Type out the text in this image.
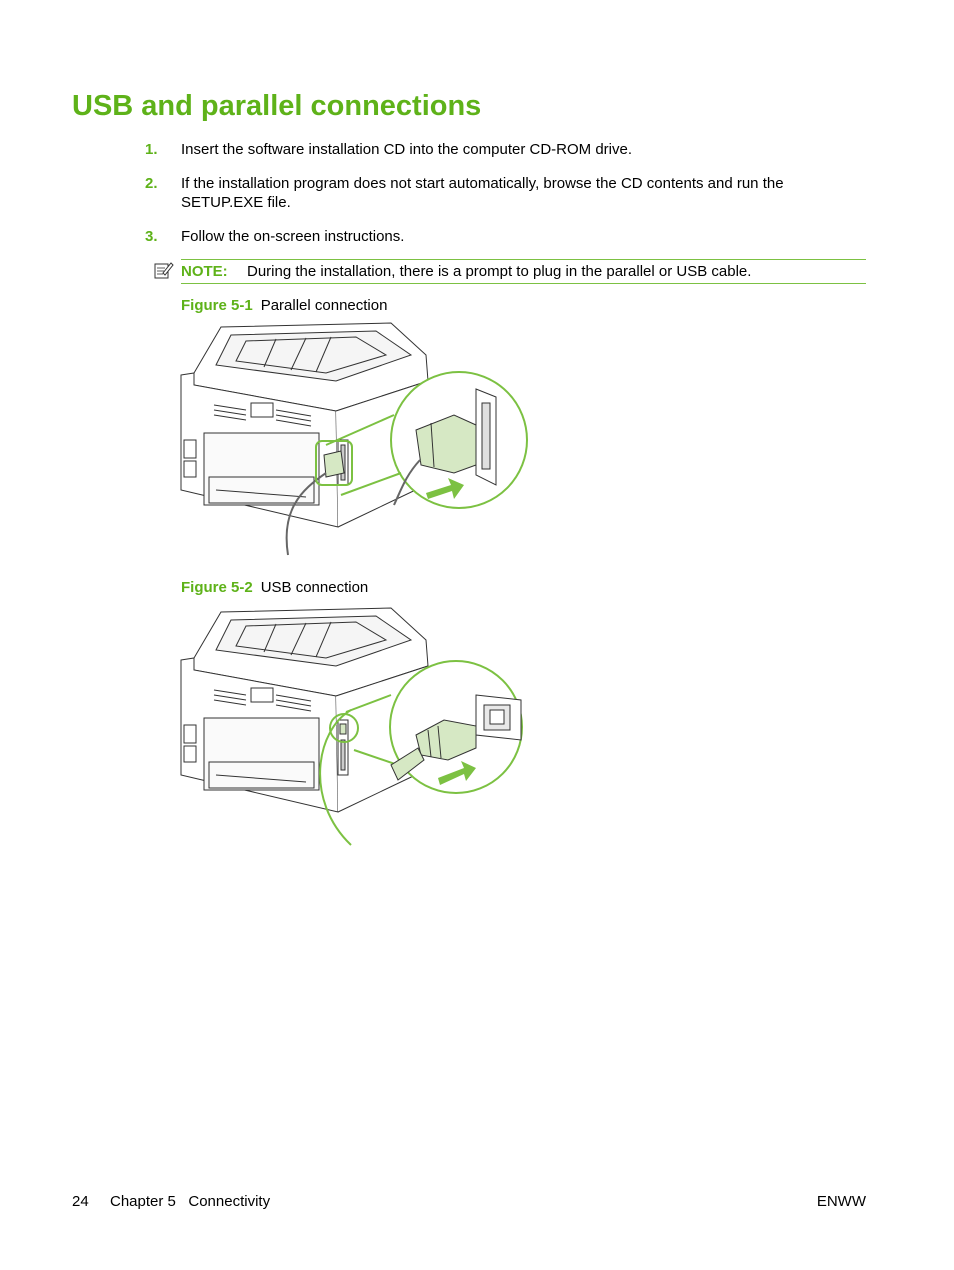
USB and parallel connections
1. Insert the software installation CD into the computer CD-ROM drive.
2. If the installation program does not start automatically, browse the CD contents and run the SETUP.EXE file.
3. Follow the on-screen instructions.
NOTE: During the installation, there is a prompt to plug in the parallel or USB cable.
Figure 5-1 Parallel connection
Figure 5-2 USB connection
24 Chapter 5   Connectivity	ENWW
